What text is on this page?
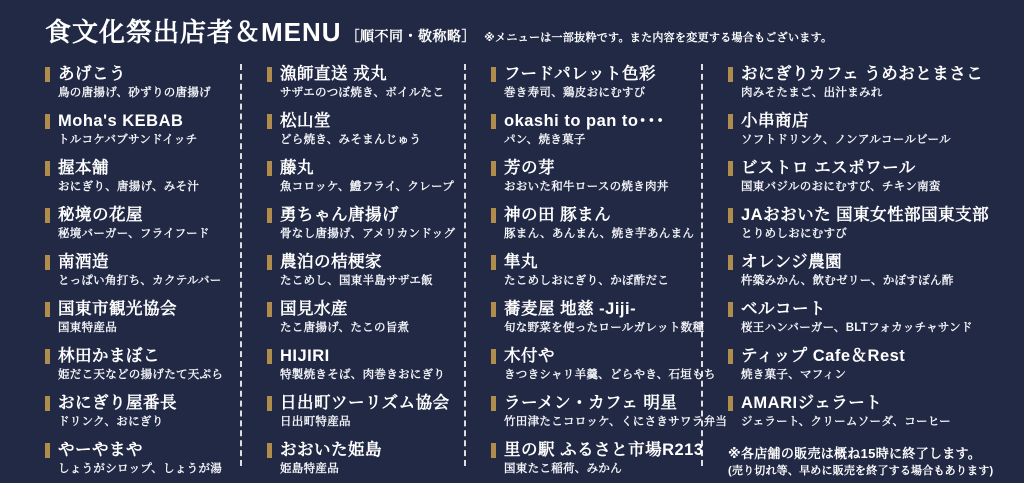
食文化祭出店者＆MENU ［順不同・敬称略］ ※メニューは一部抜粋です。また内容を変更する場合もございます。
あげこう
鳥の唐揚げ、砂ずりの唐揚げ
Moha's KEBAB
トルコケバブサンドイッチ
握本舗
おにぎり、唐揚げ、みそ汁
秘境の花屋
秘境バーガー、フライフード
南酒造
とっぱい角打ち、カクテルバー
国東市観光協会
国東特産品
林田かまぼこ
姫だこ天などの揚げたて天ぷら
おにぎり屋番長
ドリンク、おにぎり
やーやまや
しょうがシロップ、しょうが湯
漁師直送 戎丸
サザエのつぼ焼き、ボイルたこ
松山堂
どら焼き、みそまんじゅう
藤丸
魚コロッケ、鱧フライ、クレープ
勇ちゃん唐揚げ
骨なし唐揚げ、アメリカンドッグ
農泊の桔梗家
たこめし、国東半島サザエ飯
国見水産
たこ唐揚げ、たこの旨煮
HIJIRI
特製焼きそば、肉巻きおにぎり
日出町ツーリズム協会
日出町特産品
おおいた姫島
姫島特産品
フードパレット色彩
巻き寿司、鶏皮おにむすび
okashi to pan to･･･
パン、焼き菓子
芳の芽
おおいた和牛ロースの焼き肉丼
神の田 豚まん
豚まん、あんまん、焼き芋あんまん
隼丸
たこめしおにぎり、かぼ酢だこ
蕎麦屋 地慈 -Jiji-
旬な野菜を使ったロールガレット数種
木付や
きつきシャリ羊羹、どらやき、石垣もち
ラーメン・カフェ 明星
竹田津たこコロッケ、くにさきサワラ弁当
里の駅 ふるさと市場R213
国東たこ稲荷、みかん
おにぎりカフェ うめおとまさこ
肉みそたまご、出汁まみれ
小串商店
ソフトドリンク、ノンアルコールビール
ビストロ エスポワール
国東バジルのおにむすび、チキン南蛮
JAおおいた 国東女性部国東支部
とりめしおにむすび
オレンジ農園
杵築みかん、飲むゼリー、かぼすぽん酢
ベルコート
桜王ハンバーガー、BLTフォカッチャサンド
ティップ Cafe＆Rest
焼き菓子、マフィン
AMARIジェラート
ジェラート、クリームソーダ、コーヒー
※各店舗の販売は概ね15時に終了します。
(売り切れ等、早めに販売を終了する場合もあります)
